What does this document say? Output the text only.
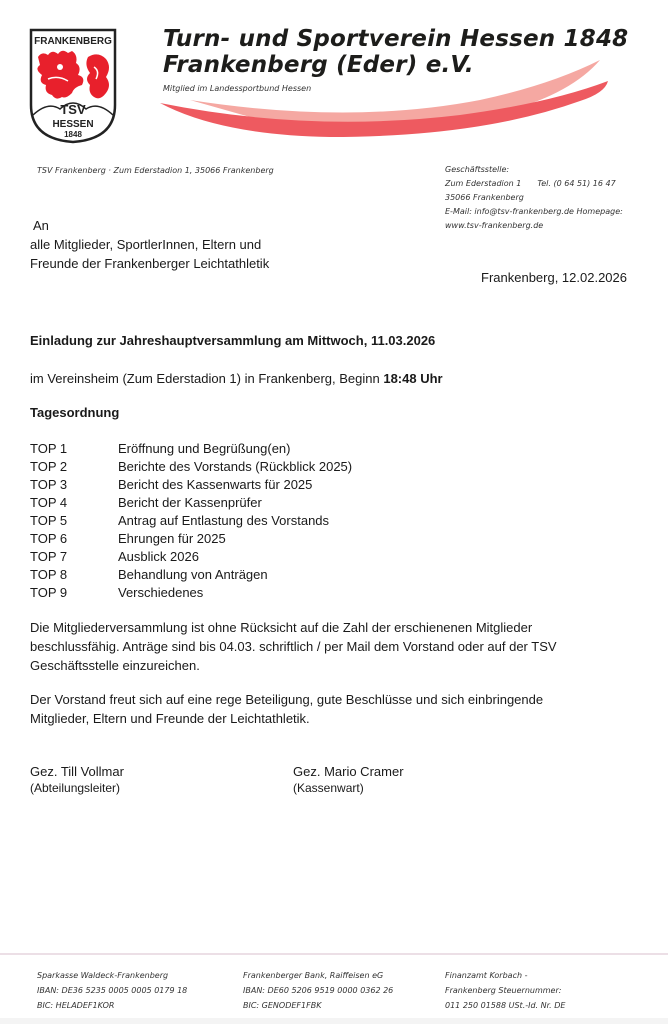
FRANKENBERG
TSV
HESSEN
1848
Turn- und Sportverein Hessen 1848
Frankenberg (Eder) e.V.
Mitglied im Landessportbund Hessen
TSV Frankenberg · Zum Ederstadion 1, 35066 Frankenberg	Geschäftsstelle:
Zum Ederstadion 1 Tel. (0 64 51) 16 47
35066 Frankenberg
E-Mail: info@tsv-frankenberg.de Homepage:
www.tsv-frankenberg.de
An
alle Mitglieder, SportlerInnen, Eltern und
Freunde der Frankenberger Leichtathletik
Frankenberg, 12.02.2026
Einladung zur Jahreshauptversammlung am Mittwoch, 11.03.2026
im Vereinsheim (Zum Ederstadion 1) in Frankenberg, Beginn 18:48 Uhr
Tagesordnung
TOP 1	Eröffnung und Begrüßung(en)
TOP 2	Berichte des Vorstands (Rückblick 2025)
TOP 3	Bericht des Kassenwarts für 2025
TOP 4	Bericht der Kassenprüfer
TOP 5	Antrag auf Entlastung des Vorstands
TOP 6	Ehrungen für 2025
TOP 7	Ausblick 2026
TOP 8	Behandlung von Anträgen
TOP 9	Verschiedenes
Die Mitgliederversammlung ist ohne Rücksicht auf die Zahl der erschienenen Mitglieder
beschlussfähig. Anträge sind bis 04.03. schriftlich / per Mail dem Vorstand oder auf der TSV
Geschäftsstelle einzureichen.
Der Vorstand freut sich auf eine rege Beteiligung, gute Beschlüsse und sich einbringende
Mitglieder, Eltern und Freunde der Leichtathletik.
Gez. Till Vollmar
(Abteilungsleiter)
Gez. Mario Cramer
(Kassenwart)
Sparkasse Waldeck-Frankenberg
IBAN: DE36 5235 0005 0005 0179 18
BIC: HELADEF1KOR
Frankenberger Bank, Raiffeisen eG
IBAN: DE60 5206 9519 0000 0362 26
BIC: GENODEF1FBK
Finanzamt Korbach -
Frankenberg Steuernummer:
011 250 01588 USt.-Id. Nr. DE
